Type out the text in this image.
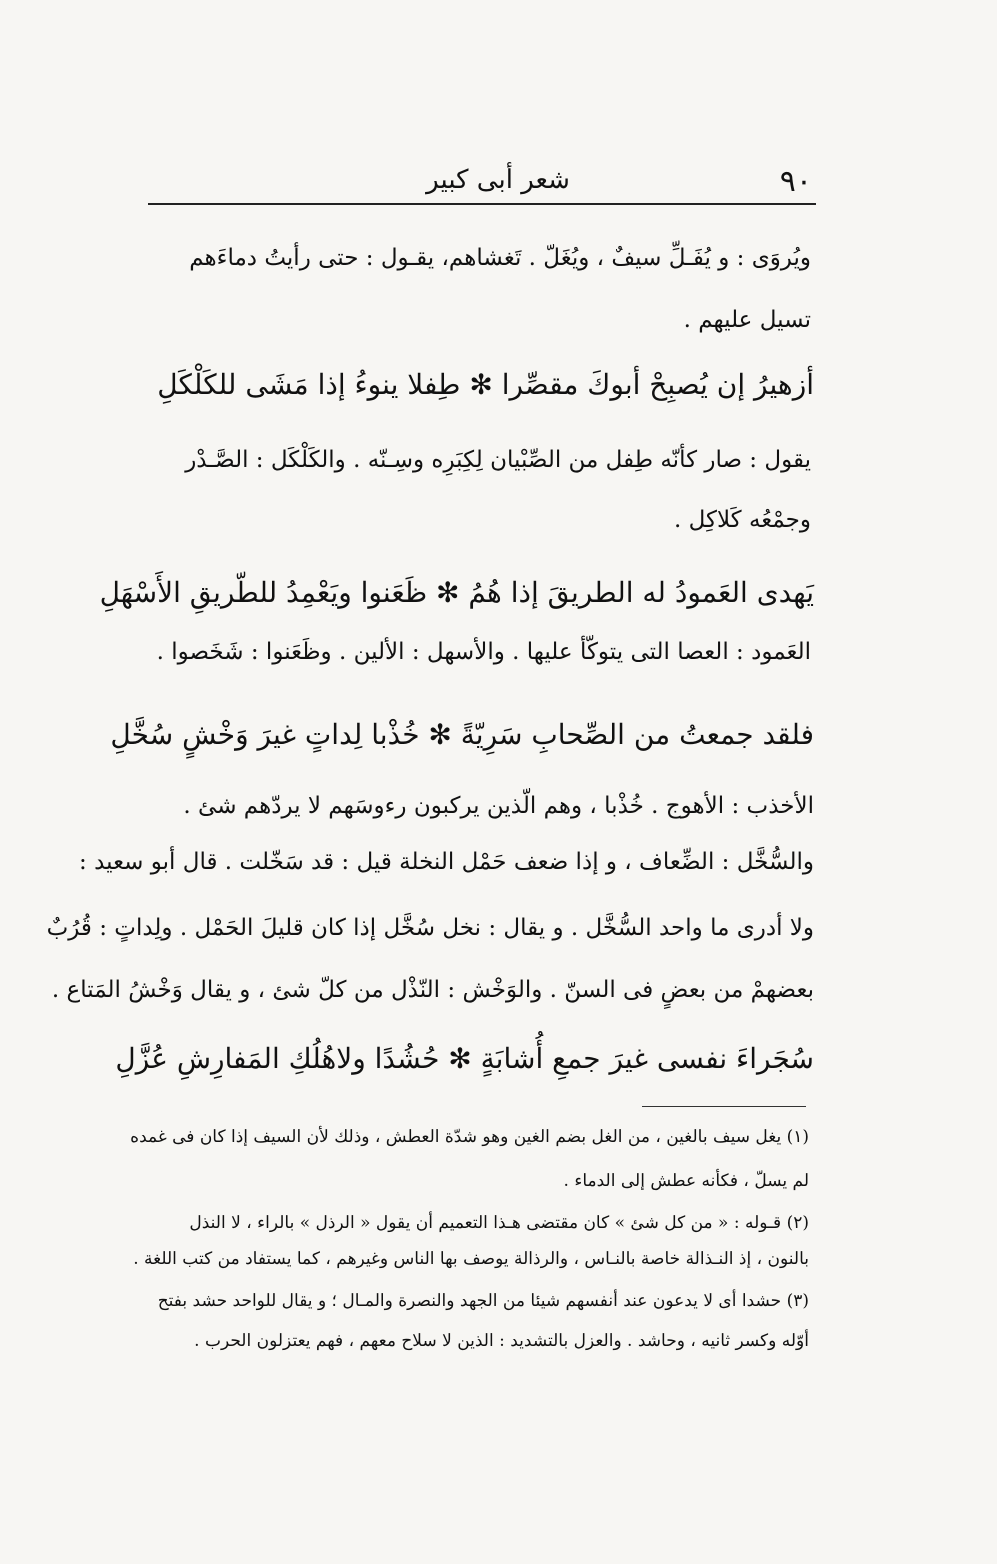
٩٠
شعر أبى كبير
ويُروَى : و يُفَـلِّ سيفٌ ، ويُغَلّ . تَغشاهم، يقـول : حتى رأيتُ دماءَهم
تسيل عليهم .
أزهيرُ إن يُصبِحْ أبوكَ مقصِّرا ✻ طِفلا ينوءُ إذا مَشَى للكَلْكَلِ
يقول : صار كأنّه طِفل من الصِّبْيان لِكِبَرِه وسِـنّه . والكَلْكَل : الصَّـدْر
وجمْعُه كَلاكِل .
يَهدى العَمودُ له الطريقَ إذا هُمُ ✻ ظَعَنوا ويَعْمِدُ للطّريقِ الأَسْهَلِ
العَمود : العصا التى يتوكّأ عليها . والأسهل : الألين . وظَعَنوا : شَخَصوا .
فلقد جمعتُ من الصِّحابِ سَرِيّةً ✻ خُذْبا لِداتٍ غيرَ وَخْشٍ سُخَّلِ
الأخذب : الأهوج . خُذْبا ، وهم الّذين يركبون رءوسَهم لا يردّهم شئ .
والسُّخَّل : الضِّعاف ، و إذا ضعف حَمْل النخلة قيل : قد سَخّلت . قال أبو سعيد :
ولا أدرى ما واحد السُّخَّل . و يقال : نخل سُخَّل إذا كان قليلَ الحَمْل . ولِداتٍ : قُرُبٌ
بعضهمْ من بعضٍ فى السنّ . والوَخْش : النّذْل من كلّ شئ ، و يقال وَخْشُ المَتاع .
سُجَراءَ نفسى غيرَ جمعِ أُشابَةٍ ✻ حُشُدًا ولاهُلُكِ المَفارِشِ عُزَّلِ
(١) يغل سيف بالغين ، من الغل بضم الغين وهو شدّة العطش ، وذلك لأن السيف إذا كان فى غمده
لم يسلّ ، فكأنه عطش إلى الدماء .
(٢) قـوله : « من كل شئ » كان مقتضى هـذا التعميم أن يقول « الرذل » بالراء ، لا النذل
بالنون ، إذ النـذالة خاصة بالنـاس ، والرذالة يوصف بها الناس وغيرهم ، كما يستفاد من كتب اللغة .
(٣) حشدا أى لا يدعون عند أنفسهم شيئا من الجهد والنصرة والمـال ؛ و يقال للواحد حشد بفتح
أوّله وكسر ثانيه ، وحاشد . والعزل بالتشديد : الذين لا سلاح معهم ، فهم يعتزلون الحرب .
